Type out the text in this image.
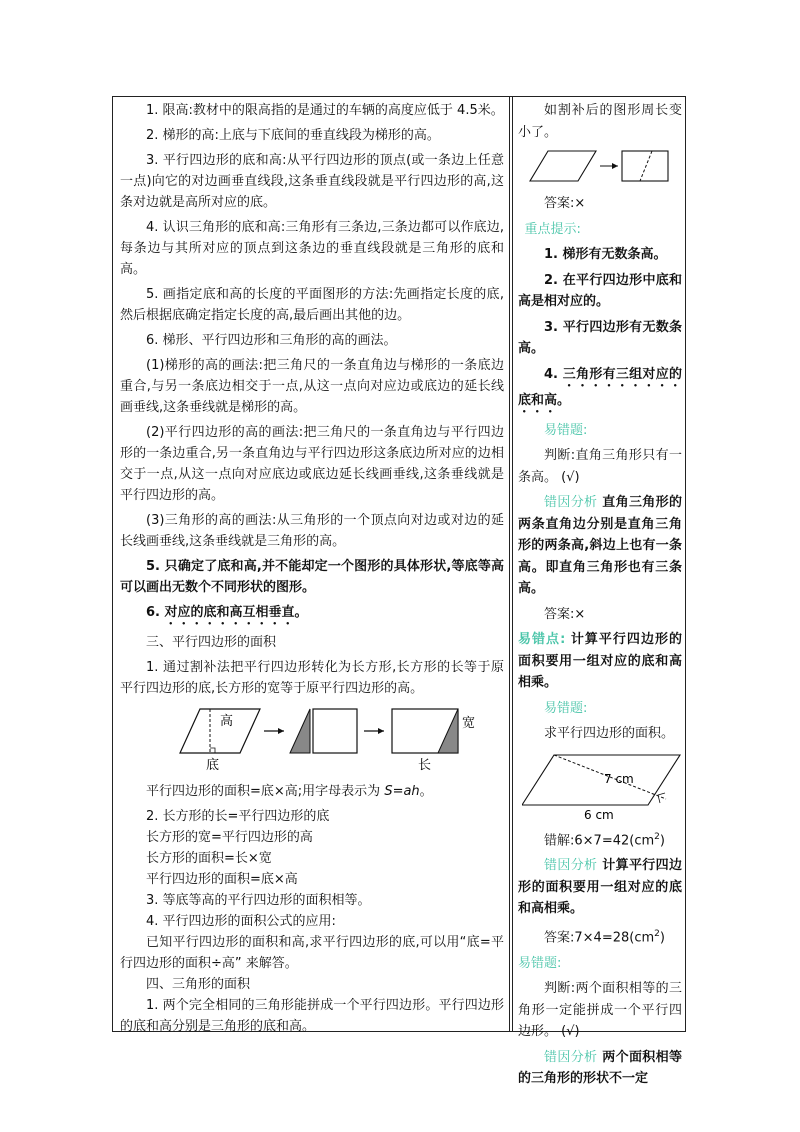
1. 限高:教材中的限高指的是通过的车辆的高度应低于 4.5米。

2. 梯形的高:上底与下底间的垂直线段为梯形的高。

3. 平行四边形的底和高:从平行四边形的顶点(或一条边上任意一点)向它的对边画垂直线段,这条垂直线段就是平行四边形的高,这条对边就是高所对应的底。

4. 认识三角形的底和高:三角形有三条边,三条边都可以作底边,每条边与其所对应的顶点到这条边的垂直线段就是三角形的底和高。

5. 画指定底和高的长度的平面图形的方法:先画指定长度的底,然后根据底确定指定长度的高,最后画出其他的边。

6. 梯形、平行四边形和三角形的高的画法。

(1)梯形的高的画法:把三角尺的一条直角边与梯形的一条底边重合,与另一条底边相交于一点,从这一点向对应边或底边的延长线画垂线,这条垂线就是梯形的高。

(2)平行四边形的高的画法:把三角尺的一条直角边与平行四边形的一条边重合,另一条直角边与平行四边形这条底边所对应的边相交于一点,从这一点向对应底边或底边延长线画垂线,这条垂线就是平行四边形的高。

(3)三角形的高的画法:从三角形的一个顶点向对边或对边的延长线画垂线,这条垂线就是三角形的高。

5. 只确定了底和高,并不能却定一个图形的具体形状,等底等高可以画出无数个不同形状的图形。

6. 对应的底和高互相垂直。

三、平行四边形的面积

1. 通过割补法把平行四边形转化为长方形,长方形的长等于原平行四边形的底,长方形的宽等于原平行四边形的高。

高
底
宽
长

平行四边形的面积=底×高;用字母表示为 S=ah。

2. 长方形的长=平行四边形的底

长方形的宽=平行四边形的高

长方形的面积=长×宽

平行四边形的面积=底×高

3. 等底等高的平行四边形的面积相等。

4. 平行四边形的面积公式的应用:

已知平行四边形的面积和高,求平行四边形的底,可以用“底=平行四边形的面积÷高” 来解答。

四、三角形的面积

1. 两个完全相同的三角形能拼成一个平行四边形。平行四边形的底和高分别是三角形的底和高。

如割补后的图形周长变小了。

答案:×

重点提示:

1. 梯形有无数条高。

2. 在平行四边形中底和高是相对应的。

3. 平行四边形有无数条高。

4. 三角形有三组对应的底和高。

易错题:

判断:直角三角形只有一条高。 (√)

错因分析 直角三角形的两条直角边分别是直角三角形的两条高,斜边上也有一条高。即直角三角形也有三条高。

答案:×

易错点: 计算平行四边形的面积要用一组对应的底和高相乘。

易错题:

求平行四边形的面积。

7 cm
6 cm

错解$:6\times 7=42(cm^2)$

错因分析 计算平行四边形的面积要用一组对应的底和高相乘。

答案$:7\times 4=28(cm^2)$

易错题:

判断:两个面积相等的三角形一定能拼成一个平行四边形。 (√)

错因分析 两个面积相等的三角形的形状不一定
